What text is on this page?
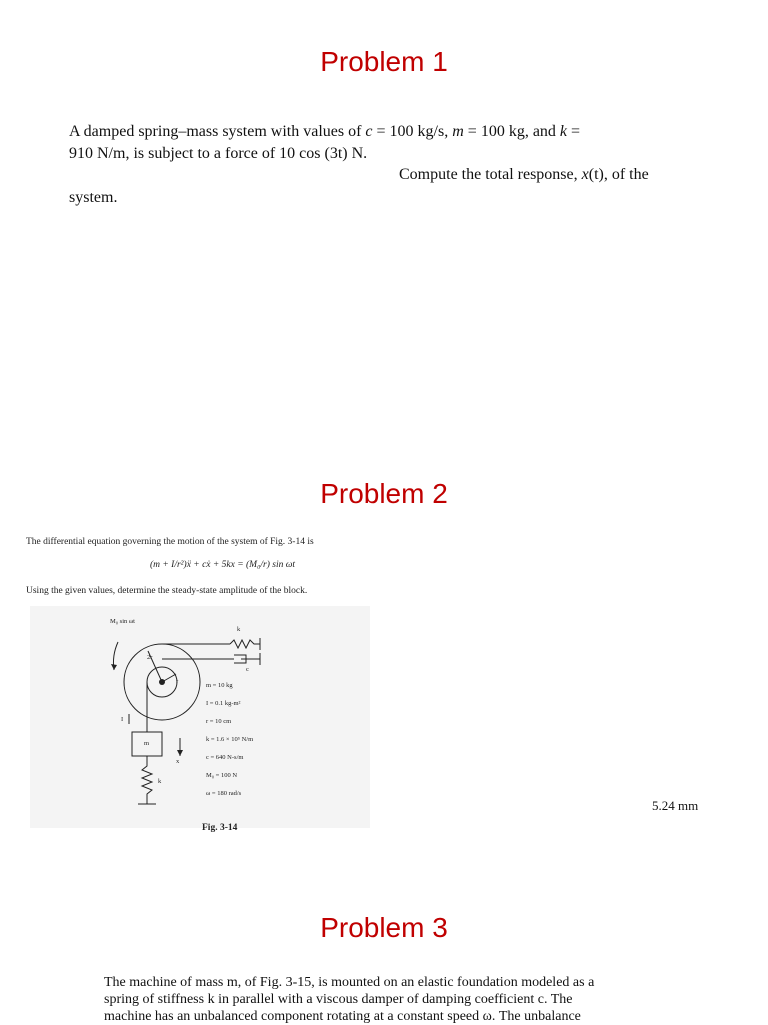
Problem 1

A damped spring–mass system with values of c = 100 kg/s, m = 100 kg, and k =

910 N/m, is subject to a force of 10 cos (3t) N.

Compute the total response, x(t), of the

system.

Problem 2

The differential equation governing the motion of the system of Fig. 3-14 is

(m + I/r²)ẍ + cẋ + 5kx = (M₀/r) sin ωt

Using the given values, determine the steady-state amplitude of the block.

M₀ sin ωt
2r
r
k
c
m
x
k
I
m = 10 kg
I = 0.1 kg-m²
r = 10 cm
k = 1.6 × 10⁵ N/m
c = 640 N-s/m
M₀ = 100 N
ω = 180 rad/s

Fig. 3-14

5.24 mm

Problem 3

The machine of mass m, of Fig. 3-15, is mounted on an elastic foundation modeled as a

spring of stiffness k in parallel with a viscous damper of damping coefficient c. The

machine has an unbalanced component rotating at a constant speed ω. The unbalance
